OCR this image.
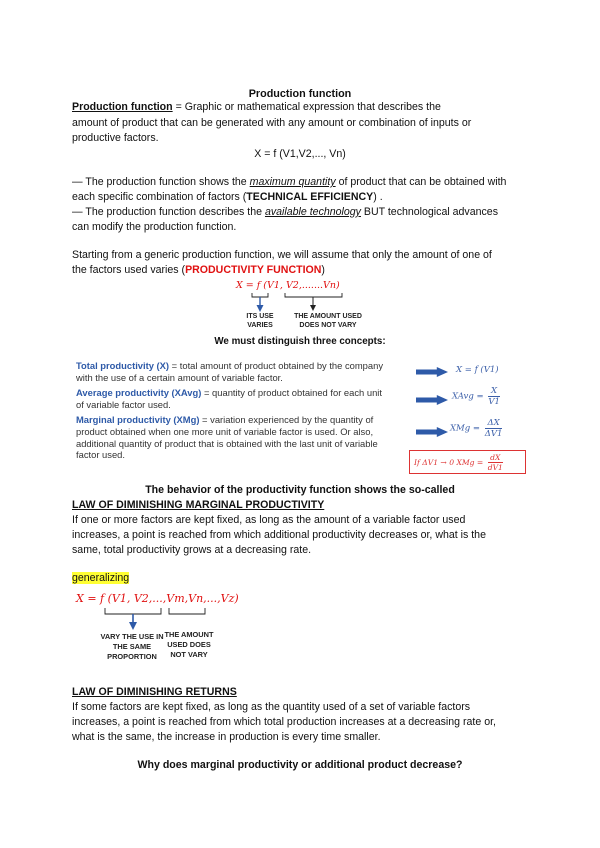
Production function
Production function = Graphic or mathematical expression that describes the
amount of product that can be generated with any amount or combination of inputs or
productive factors.
X = f (V1,V2,..., Vn)
— The production function shows the maximum quantity of product that can be obtained with
each specific combination of factors (TECHNICAL EFFICIENCY) .
— The production function describes the available technology BUT technological advances
can modify the production function.
Starting from a generic production function, we will assume that only the amount of one of
the factors used varies (PRODUCTIVITY FUNCTION)
X = f (V1, V2,.......Vn)
ITS USE VARIES
THE AMOUNT USED DOES NOT VARY
We must distinguish three concepts:
Total productivity (X) = total amount of product obtained by the company
with the use of a certain amount of variable factor.
Average productivity (XAvg) = quantity of product obtained for each unit
of variable factor used.
Marginal productivity (XMg) = variation experienced by the quantity of
product obtained when one more unit of variable factor is used. Or also,
additional quantity of product that is obtained with the last unit of variable
factor used.
X = f (V1)
XAvg = $\frac{X}{V1}$
XMg = $\frac{\Delta X}{\Delta V1}$
If ΔV1 → 0 XMg = $\frac{dX}{dV1}$
The behavior of the productivity function shows the so-called
LAW OF DIMINISHING MARGINAL PRODUCTIVITY
If one or more factors are kept fixed, as long as the amount of a variable factor used
increases, a point is reached from which additional productivity decreases or, what is the
same, total productivity grows at a decreasing rate.
generalizing
X = f (V1, V2,...,Vm,Vn,...,Vz)
VARY THE USE IN THE SAME PROPORTION
THE AMOUNT USED DOES NOT VARY
LAW OF DIMINISHING RETURNS
If some factors are kept fixed, as long as the quantity used of a set of variable factors
increases, a point is reached from which total production increases at a decreasing rate or,
what is the same, the increase in production is every time smaller.
Why does marginal productivity or additional product decrease?
